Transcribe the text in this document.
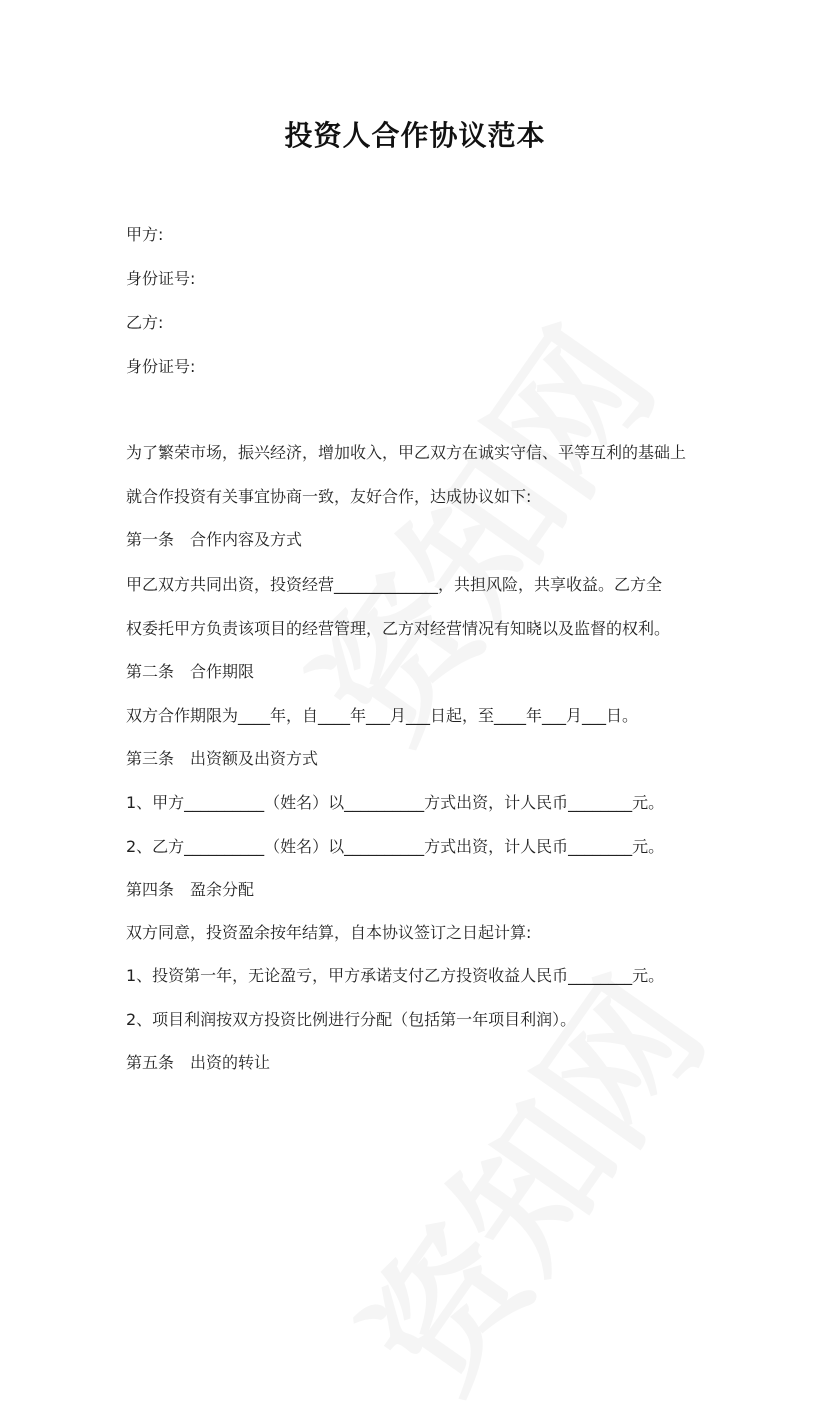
投资人合作协议范本
甲方:
身份证号:
乙方:
身份证号:
为了繁荣市场，振兴经济，增加收入，甲乙双方在诚实守信、平等互利的基础上
就合作投资有关事宜协商一致，友好合作，达成协议如下:
第一条　合作内容及方式
甲乙双方共同出资，投资经营_____________，共担风险，共享收益。乙方全
权委托甲方负责该项目的经营管理，乙方对经营情况有知晓以及监督的权利。
第二条　合作期限
双方合作期限为____年，自____年___月___日起，至____年___月___日。
第三条　出资额及出资方式
1、甲方__________（姓名）以__________方式出资，计人民币________元。
2、乙方__________（姓名）以__________方式出资，计人民币________元。
第四条　盈余分配
双方同意，投资盈余按年结算，自本协议签订之日起计算:
1、投资第一年，无论盈亏，甲方承诺支付乙方投资收益人民币________元。
2、项目利润按双方投资比例进行分配（包括第一年项目利润）。
第五条　出资的转让
